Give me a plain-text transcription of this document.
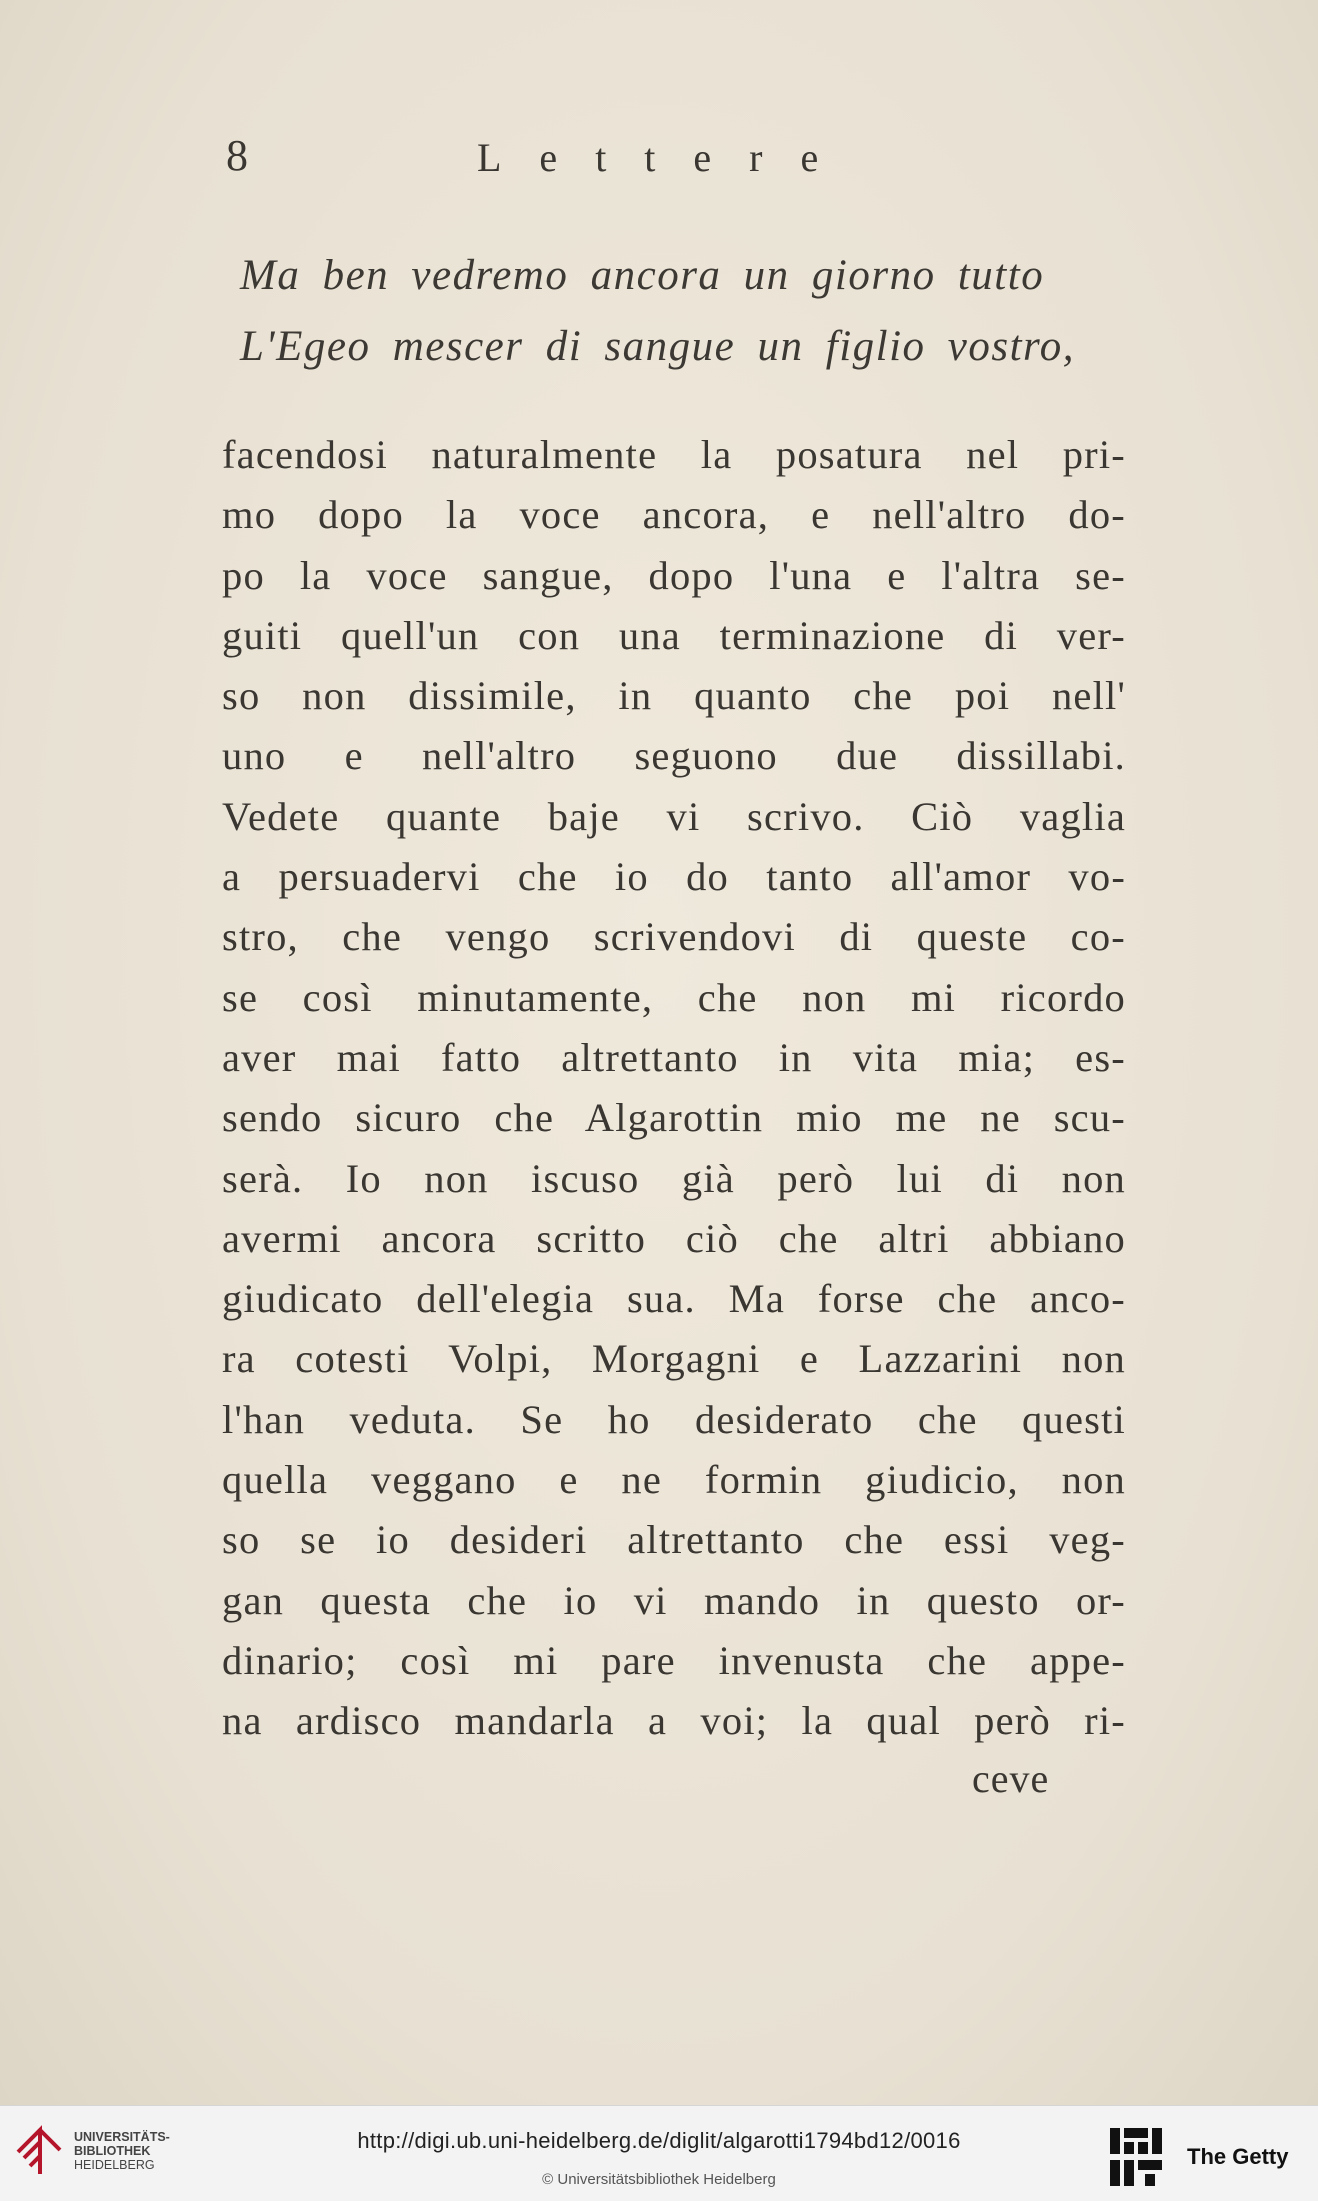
8	Lettere
Ma ben vedremo ancora un giorno tutto
L'Egeo mescer di sangue un figlio vostro,
facendosi naturalmente la posatura nel pri-
mo dopo la voce ancora, e nell'altro do-
po la voce sangue, dopo l'una e l'altra se-
guiti quell'un con una terminazione di ver-
so non dissimile, in quanto che poi nell'
uno e nell'altro seguono due dissillabi.
Vedete quante baje vi scrivo. Ciò vaglia
a persuadervi che io do tanto all'amor vo-
stro, che vengo scrivendovi di queste co-
se così minutamente, che non mi ricordo
aver mai fatto altrettanto in vita mia; es-
sendo sicuro che Algarottin mio me ne scu-
serà. Io non iscuso già però lui di non
avermi ancora scritto ciò che altri abbiano
giudicato dell'elegia sua. Ma forse che anco-
ra cotesti Volpi, Morgagni e Lazzarini non
l'han veduta. Se ho desiderato che questi
quella veggano e ne formin giudicio, non
so se io desideri altrettanto che essi veg-
gan questa che io vi mando in questo or-
dinario; così mi pare invenusta che appe-
na ardisco mandarla a voi; la qual però ri-
ceve
UNIVERSITÄTS-
BIBLIOTHEK
HEIDELBERG
http://digi.ub.uni-heidelberg.de/diglit/algarotti1794bd12/0016
© Universitätsbibliothek Heidelberg
The Getty
